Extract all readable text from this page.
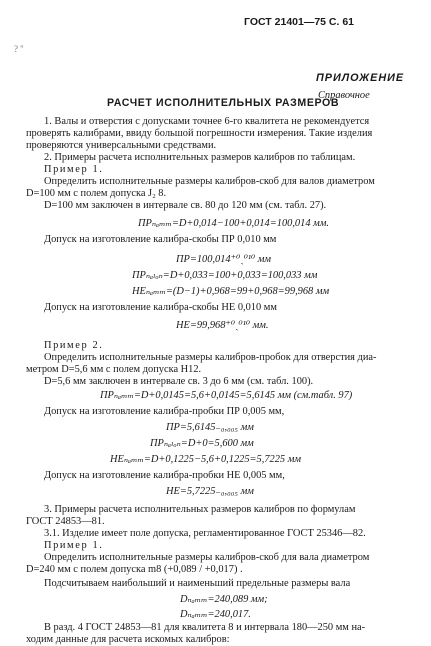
? ''
ГОСТ 21401—75 С. 61
ПРИЛОЖЕНИЕ
Справочное
РАСЧЕТ ИСПОЛНИТЕЛЬНЫХ РАЗМЕРОВ
1. Валы и отверстия с допусками точнее 6-го квалитета не рекомендуется
проверять калибрами, ввиду большой погрешности измерения. Такие изделия
проверяются универсальными средствами.
2. Примеры расчета исполнительных размеров калибров по таблицам.
Пример 1.
Определить исполнительные размеры калибров-скоб для валов диаметром
D=100 мм с полем допуска J₂ 8.
D=100 мм заключен в интервале св. 80 до 120 мм (см. табл. 27).
ПРₙₐₘₘ=D+0,014−100+0,014=100,014 мм.
Допуск на изготовление калибра-скобы ПР 0,010 мм
ПР=100,014⁺⁰ˎ⁰¹⁰ мм
ПРₙₐₗₒₙ=D+0,033=100+0,033=100,033 мм
НЕₙₐₘₘ=(D−1)+0,968=99+0,968=99,968 мм
Допуск на изготовление калибра-скобы НЕ 0,010 мм
НЕ=99,968⁺⁰ˎ⁰¹⁰ мм.
Пример 2.
Определить исполнительные размеры калибров-пробок для отверстия диа-
метром D=5,6 мм с полем допуска Н12.
D=5,6 мм заключен в интервале св. 3 до 6 мм (см. табл. 100).
ПРₙₐₘₘ=D+0,0145=5,6+0,0145=5,6145 мм (см.табл. 97)
Допуск на изготовление калибра-пробки ПР 0,005 мм,
ПР=5,6145₋₀,₀₀₅ мм
ПРₙₐₗₒₙ=D+0=5,600 мм
НЕₙₐₘₘ=D+0,1225−5,6+0,1225=5,7225 мм
Допуск на изготовление калибра-пробки НЕ 0,005 мм,
НЕ=5,7225₋₀,₀₀₅ мм
3. Примеры расчета исполнительных размеров калибров по формулам
ГОСТ 24853—81.
3.1. Изделие имеет поле допуска, регламентированное ГОСТ 25346—82.
Пример 1.
Определить исполнительные размеры калибров-скоб для вала диаметром
D=240 мм с полем допуска m8 (+0,089 / +0,017) .
Подсчитываем наибольший и наименьший предельные размеры вала
Dₙₐₘₘ=240,089 мм;
Dₙₐₘₘ=240,017.
В разд. 4 ГОСТ 24853—81 для квалитета 8 и интервала 180—250 мм на-
ходим данные для расчета искомых калибров:
